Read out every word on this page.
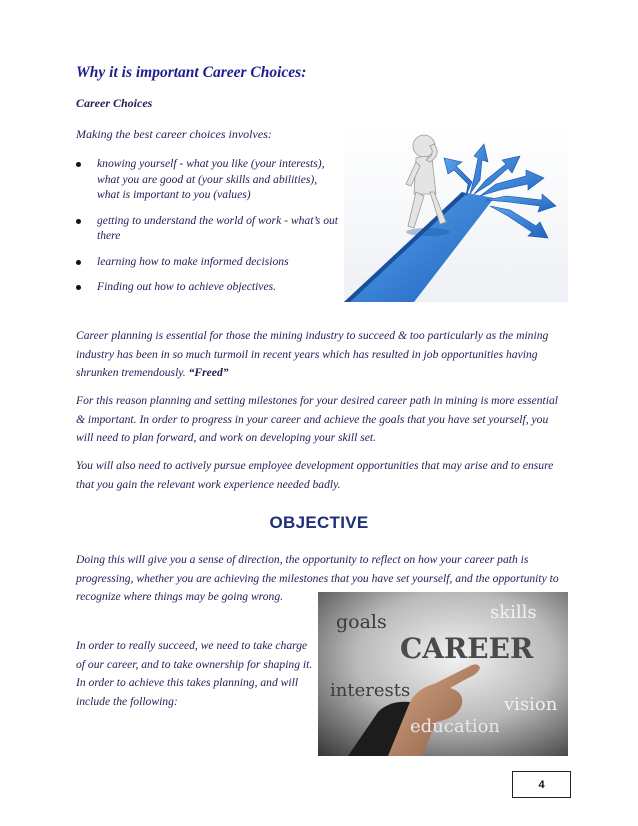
Why it is important Career Choices:
Career Choices
Making the best career choices involves:
knowing yourself - what you like (your interests), what you are good at (your skills and abilities), what is important to you (values)
getting to understand the world of work - what’s out there
learning how to make informed decisions
Finding out how to achieve objectives.

Career planning is essential for those the mining industry to succeed & too particularly as the mining industry has been in so much turmoil in recent years which has resulted in job opportunities having shrunken tremendously. “Freed”

For this reason planning and setting milestones for your desired career path in mining is more essential & important. In order to progress in your career and achieve the goals that you have set yourself, you will need to plan forward, and work on developing your skill set.

You will also need to actively pursue employee development opportunities that may arise and to ensure that you gain the relevant work experience needed badly.

OBJECTIVE

Doing this will give you a sense of direction, the opportunity to reflect on how your career path is progressing, whether you are achieving the milestones that you have set yourself, and the opportunity to recognize where things may be going wrong.

In order to really succeed, we need to take charge of our career, and to take ownership for shaping it. In order to achieve this takes planning, and will include the following:

goals	skills
CAREER
interests
vision
education
4
